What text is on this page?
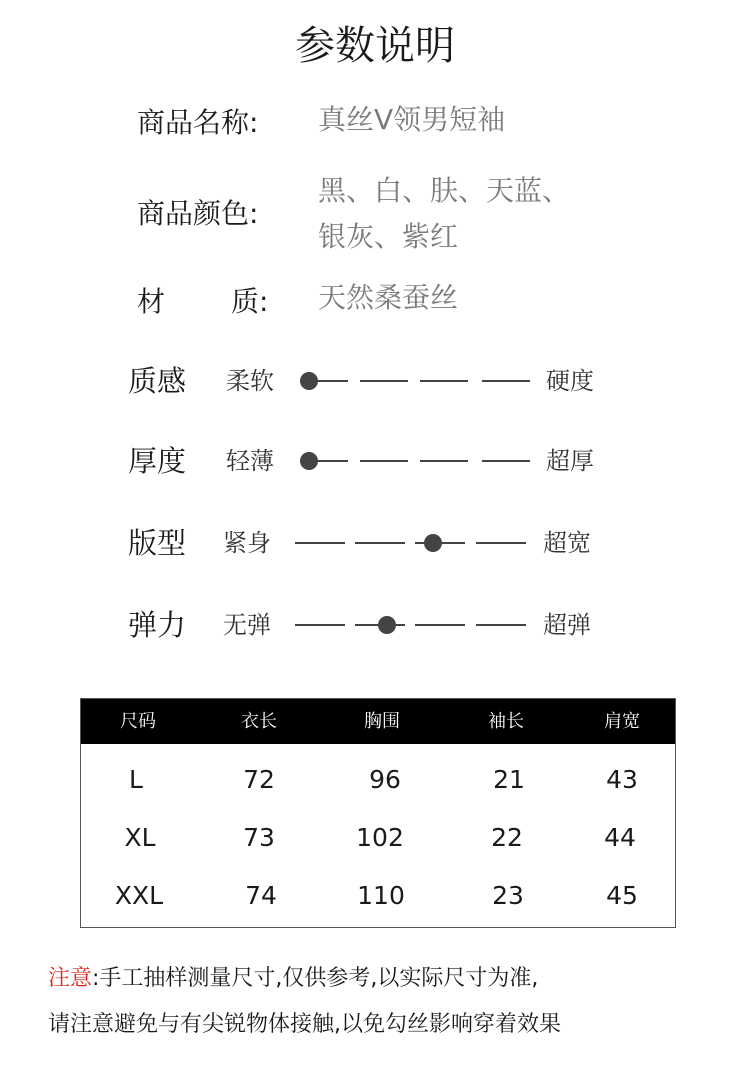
参数说明
商品名称: 真丝V领男短袖
商品颜色:
黑、白、肤、天蓝、
银灰、紫红
材 质: 天然桑蚕丝
质感 柔软	硬度
厚度 轻薄	超厚
版型 紧身	超宽
弹力 无弹	超弹
尺码	衣长	胸围	袖长	肩宽
L	72	96	21	43
XL	73	102	22	44
XXL	74	110	23	45
注意:手工抽样测量尺寸,仅供参考,以实际尺寸为准,
请注意避免与有尖锐物体接触,以免勾丝影响穿着效果
